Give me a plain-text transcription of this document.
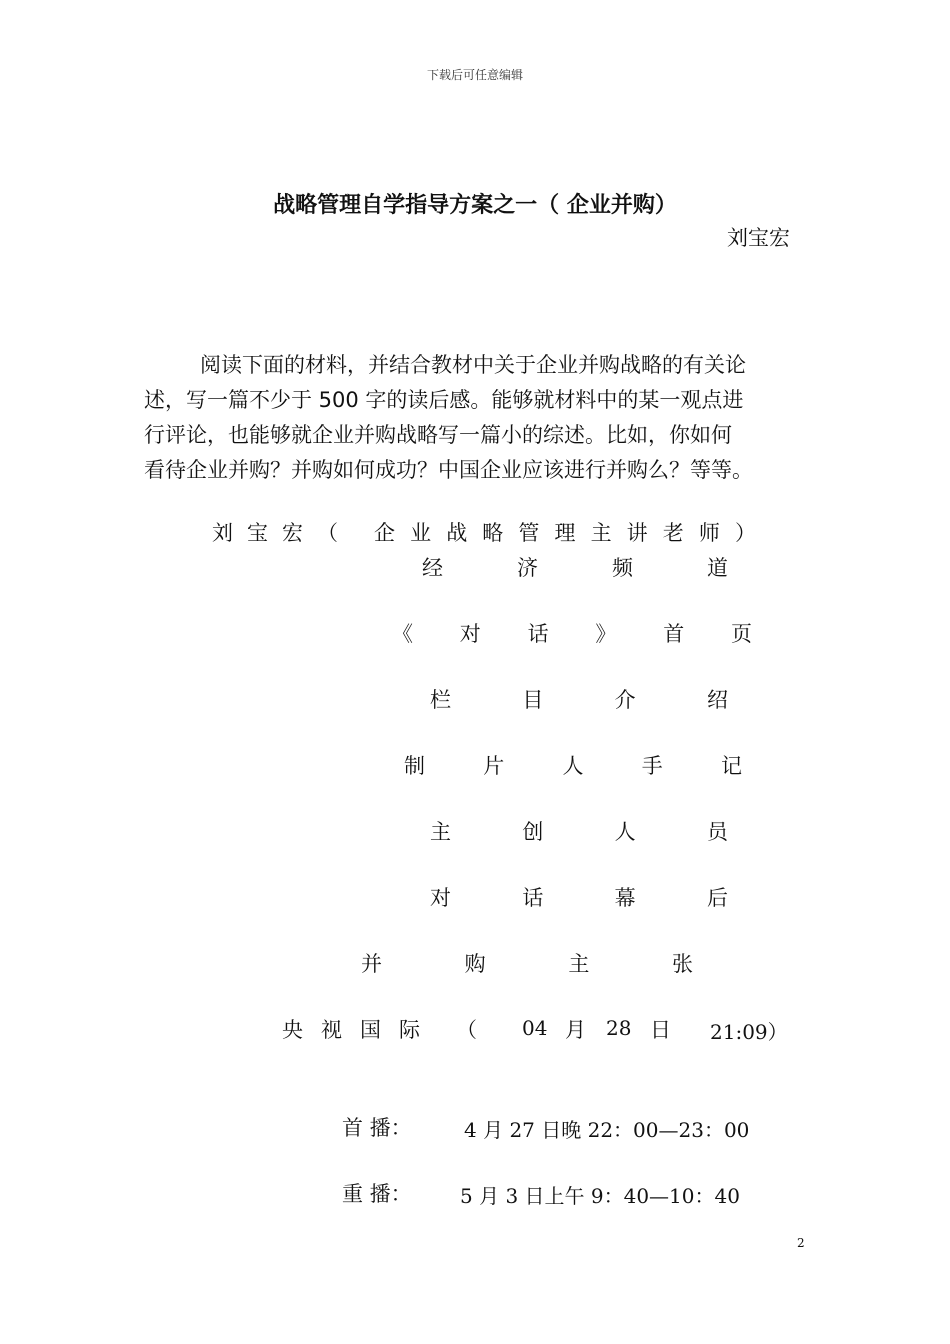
下载后可任意编辑
战略管理自学指导方案之一（ 企业并购）
刘宝宏
阅读下面的材料，并结合教材中关于企业并购战略的有关论
述，写一篇不少于 500 字的读后感。能够就材料中的某一观点进
行评论，也能够就企业并购战略写一篇小的综述。比如，你如何
看待企业并购？并购如何成功？中国企业应该进行并购么？等等。
刘 宝 宏 （ 企 业 战 略 管 理 主 讲 老 师 ）
经	济	频	道
《 对 话 》 首 页
栏	目	介	绍
制	片	人	手	记
主	创	人	员
对	话	幕	后
并	购	主	张
央 视 国 际 （ 04 月 28 日 21:09）
首 播：	4 月 27 日晚 22：00—23：00
重 播： 5 月 3 日上午 9：40—10：40
2
